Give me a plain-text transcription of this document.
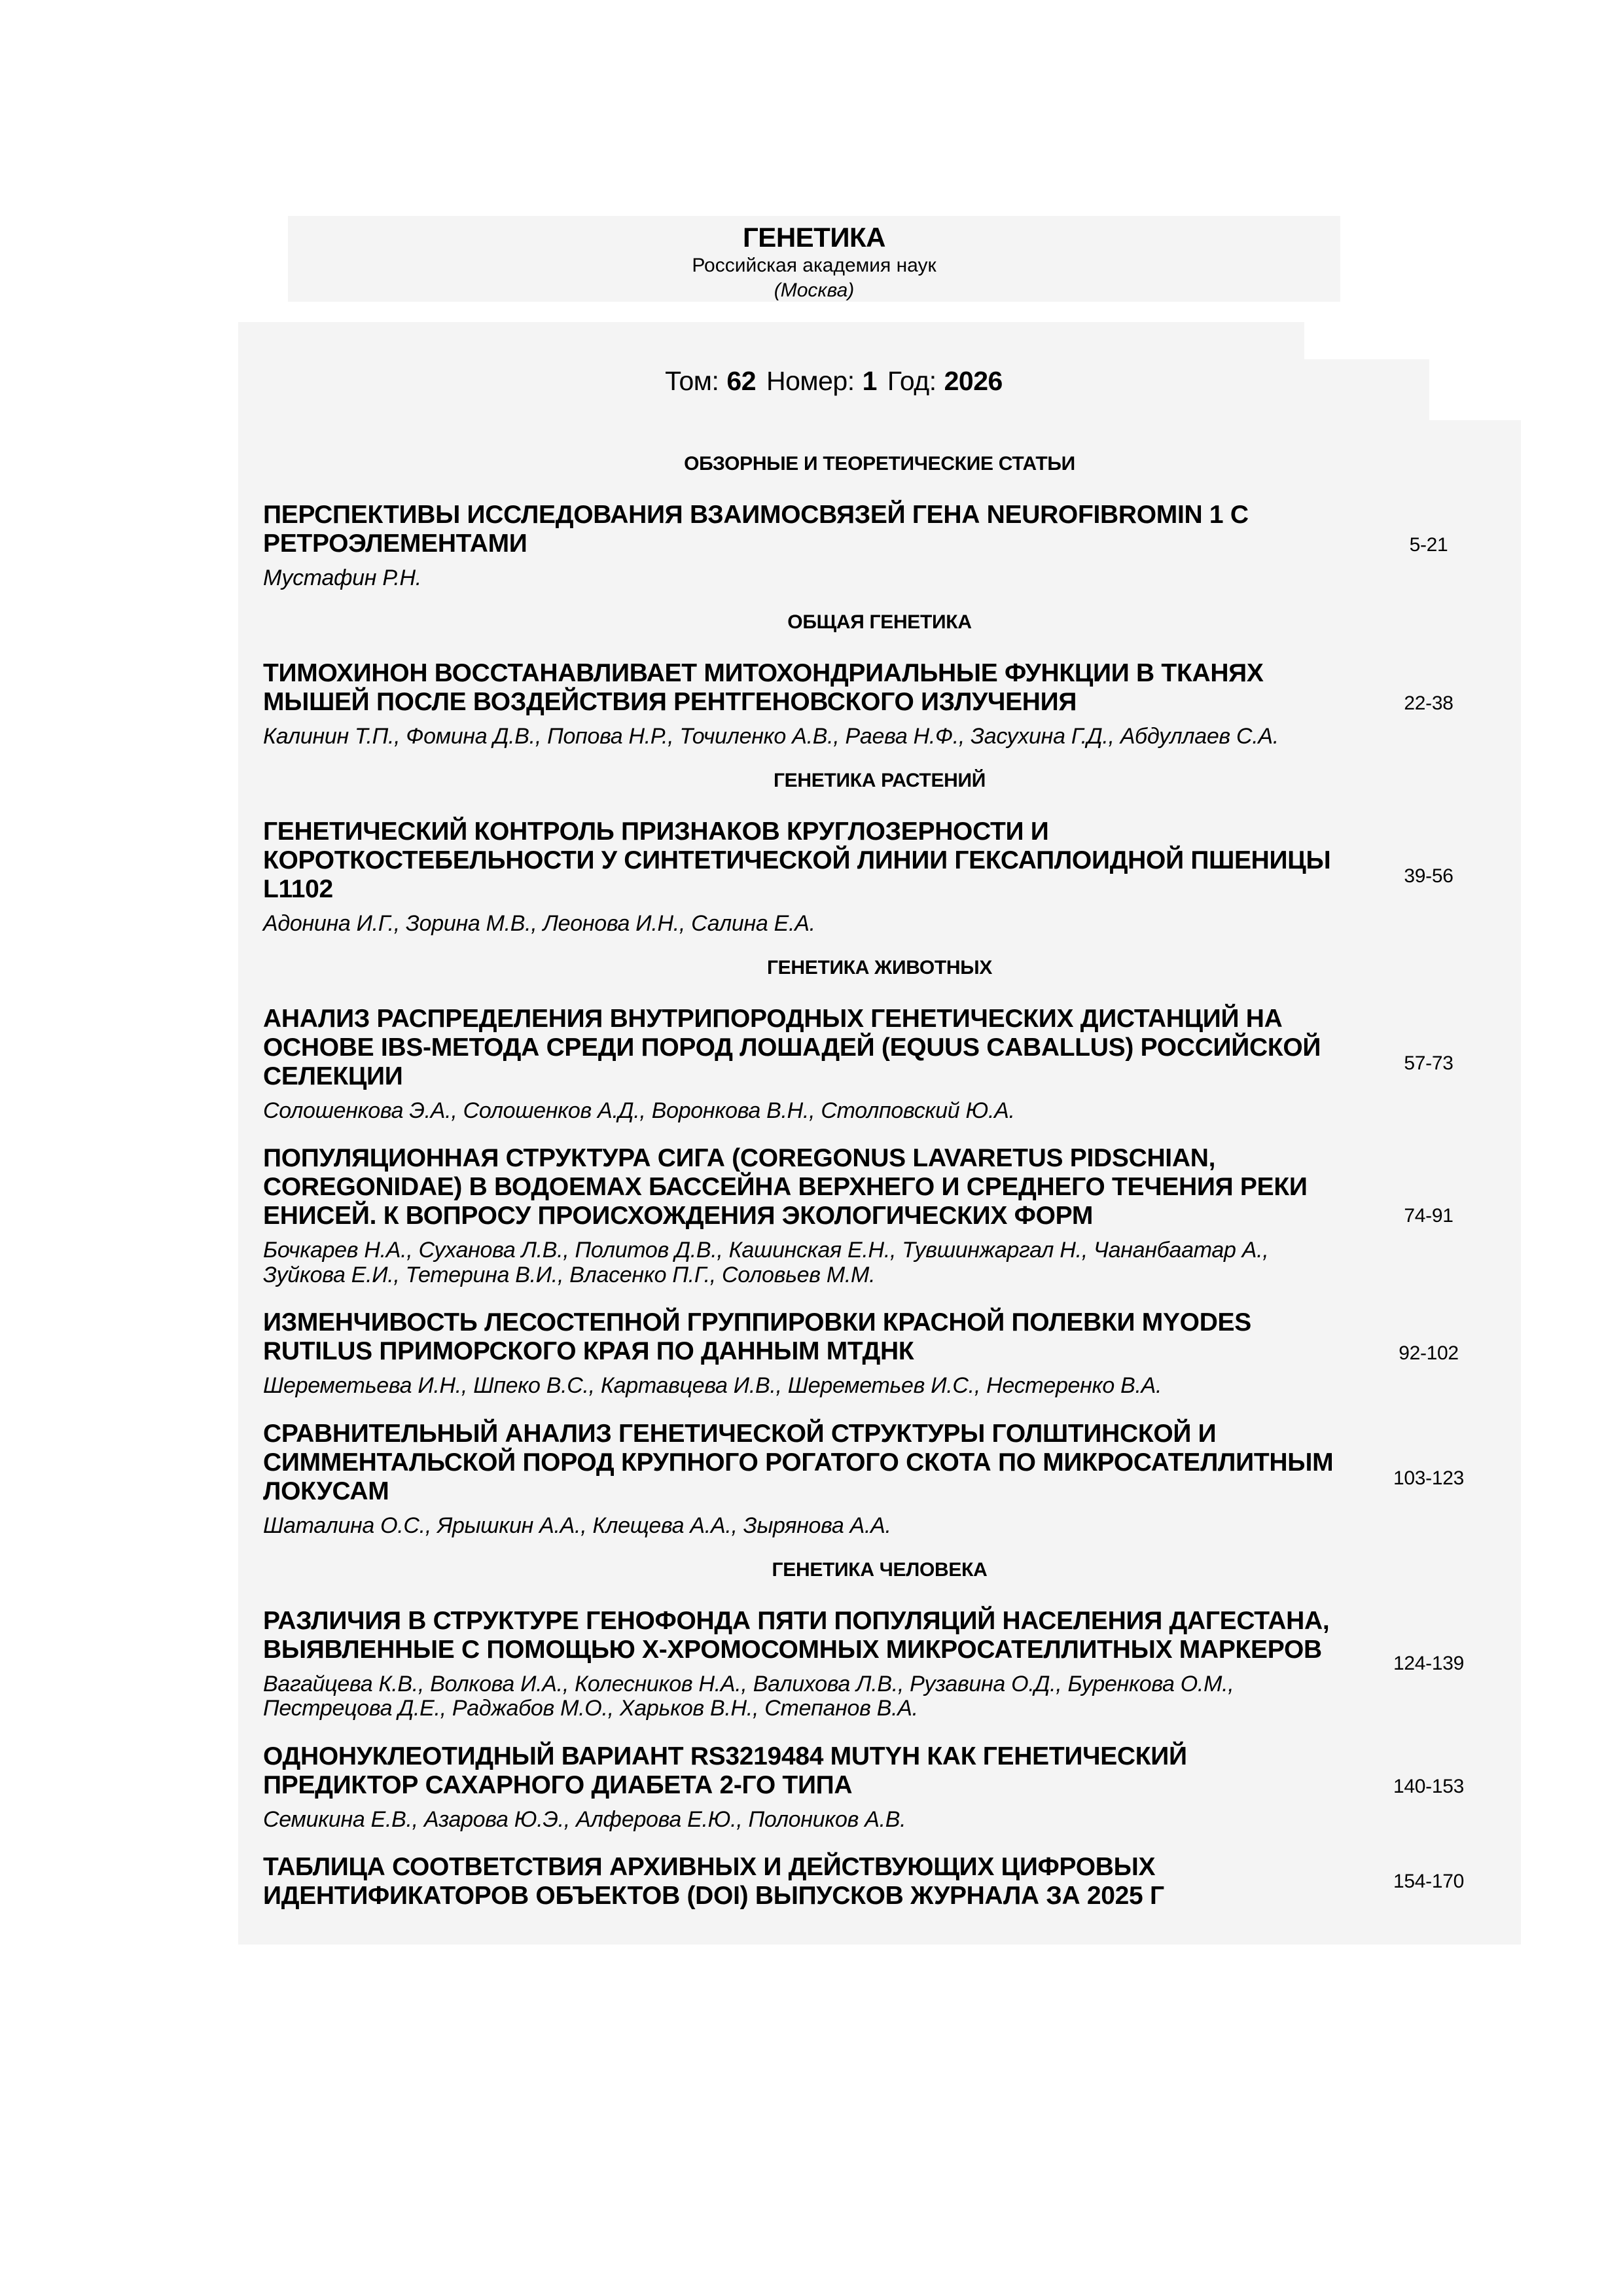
ГЕНЕТИКА
Российская академия наук
(Москва)
Том: 62 Номер: 1 Год: 2026
ОБЗОРНЫЕ И ТЕОРЕТИЧЕСКИЕ СТАТЬИ
ПЕРСПЕКТИВЫ ИССЛЕДОВАНИЯ ВЗАИМОСВЯЗЕЙ ГЕНА NEUROFIBROMIN 1 С РЕТРОЭЛЕМЕНТАМИ
Мустафин Р.Н.
5-21
ОБЩАЯ ГЕНЕТИКА
ТИМОХИНОН ВОССТАНАВЛИВАЕТ МИТОХОНДРИАЛЬНЫЕ ФУНКЦИИ В ТКАНЯХ МЫШЕЙ ПОСЛЕ ВОЗДЕЙСТВИЯ РЕНТГЕНОВСКОГО ИЗЛУЧЕНИЯ
Калинин Т.П., Фомина Д.В., Попова Н.Р., Точиленко А.В., Раева Н.Ф., Засухина Г.Д., Абдуллаев С.А.
22-38
ГЕНЕТИКА РАСТЕНИЙ
ГЕНЕТИЧЕСКИЙ КОНТРОЛЬ ПРИЗНАКОВ КРУГЛОЗЕРНОСТИ И КОРОТКОСТЕБЕЛЬНОСТИ У СИНТЕТИЧЕСКОЙ ЛИНИИ ГЕКСАПЛОИДНОЙ ПШЕНИЦЫ L1102
Адонина И.Г., Зорина М.В., Леонова И.Н., Салина Е.А.
39-56
ГЕНЕТИКА ЖИВОТНЫХ
АНАЛИЗ РАСПРЕДЕЛЕНИЯ ВНУТРИПОРОДНЫХ ГЕНЕТИЧЕСКИХ ДИСТАНЦИЙ НА ОСНОВЕ IBS-МЕТОДА СРЕДИ ПОРОД ЛОШАДЕЙ (EQUUS CABALLUS) РОССИЙСКОЙ СЕЛЕКЦИИ
Солошенкова Э.А., Солошенков А.Д., Воронкова В.Н., Столповский Ю.А.
57-73
ПОПУЛЯЦИОННАЯ СТРУКТУРА СИГА (COREGONUS LAVARETUS PIDSCHIAN, COREGONIDAE) В ВОДОЕМАХ БАССЕЙНА ВЕРХНЕГО И СРЕДНЕГО ТЕЧЕНИЯ РЕКИ ЕНИСЕЙ. К ВОПРОСУ ПРОИСХОЖДЕНИЯ ЭКОЛОГИЧЕСКИХ ФОРМ
Бочкарев Н.А., Суханова Л.В., Политов Д.В., Кашинская Е.Н., Тувшинжаргал Н., Чананбаатар А., Зуйкова Е.И., Тетерина В.И., Власенко П.Г., Соловьев М.М.
74-91
ИЗМЕНЧИВОСТЬ ЛЕСОСТЕПНОЙ ГРУППИРОВКИ КРАСНОЙ ПОЛЕВКИ MYODES RUTILUS ПРИМОРСКОГО КРАЯ ПО ДАННЫМ МТДНК
Шереметьева И.Н., Шпеко В.С., Картавцева И.В., Шереметьев И.С., Нестеренко В.А.
92-102
СРАВНИТЕЛЬНЫЙ АНАЛИЗ ГЕНЕТИЧЕСКОЙ СТРУКТУРЫ ГОЛШТИНСКОЙ И СИММЕНТАЛЬСКОЙ ПОРОД КРУПНОГО РОГАТОГО СКОТА ПО МИКРОСАТЕЛЛИТНЫМ ЛОКУСАМ
Шаталина О.С., Ярышкин А.А., Клещева А.А., Зырянова А.А.
103-123
ГЕНЕТИКА ЧЕЛОВЕКА
РАЗЛИЧИЯ В СТРУКТУРЕ ГЕНОФОНДА ПЯТИ ПОПУЛЯЦИЙ НАСЕЛЕНИЯ ДАГЕСТАНА, ВЫЯВЛЕННЫЕ С ПОМОЩЬЮ Х-ХРОМОСОМНЫХ МИКРОСАТЕЛЛИТНЫХ МАРКЕРОВ
Вагайцева К.В., Волкова И.А., Колесников Н.А., Валихова Л.В., Рузавина О.Д., Буренкова О.М., Пестрецова Д.Е., Раджабов М.О., Харьков В.Н., Степанов В.А.
124-139
ОДНОНУКЛЕОТИДНЫЙ ВАРИАНТ RS3219484 MUTYH КАК ГЕНЕТИЧЕСКИЙ ПРЕДИКТОР САХАРНОГО ДИАБЕТА 2-ГО ТИПА
Семикина Е.В., Азарова Ю.Э., Алферова Е.Ю., Полоников А.В.
140-153
ТАБЛИЦА СООТВЕТСТВИЯ АРХИВНЫХ И ДЕЙСТВУЮЩИХ ЦИФРОВЫХ ИДЕНТИФИКАТОРОВ ОБЪЕКТОВ (DOI) ВЫПУСКОВ ЖУРНАЛА ЗА 2025 Г
154-170
